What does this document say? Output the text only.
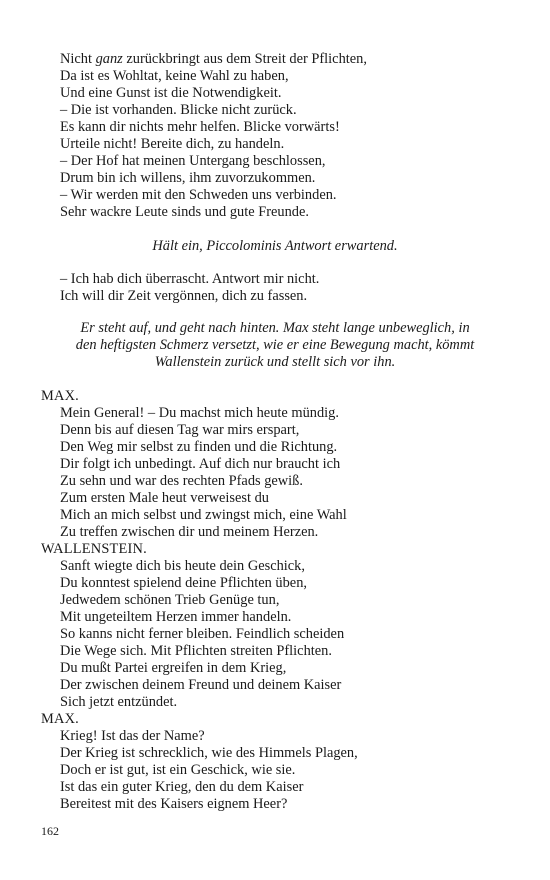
Nicht ganz zurückbringt aus dem Streit der Pflichten,
Da ist es Wohltat, keine Wahl zu haben,
Und eine Gunst ist die Notwendigkeit.
– Die ist vorhanden. Blicke nicht zurück.
Es kann dir nichts mehr helfen. Blicke vorwärts!
Urteile nicht! Bereite dich, zu handeln.
– Der Hof hat meinen Untergang beschlossen,
Drum bin ich willens, ihm zuvorzukommen.
– Wir werden mit den Schweden uns verbinden.
Sehr wackre Leute sinds und gute Freunde.
Hält ein, Piccolominis Antwort erwartend.
– Ich hab dich überrascht. Antwort mir nicht.
Ich will dir Zeit vergönnen, dich zu fassen.
Er steht auf, und geht nach hinten. Max steht lange unbeweglich, in
den heftigsten Schmerz versetzt, wie er eine Bewegung macht, kömmt
Wallenstein zurück und stellt sich vor ihn.
MAX.
Mein General! – Du machst mich heute mündig.
Denn bis auf diesen Tag war mirs erspart,
Den Weg mir selbst zu finden und die Richtung.
Dir folgt ich unbedingt. Auf dich nur braucht ich
Zu sehn und war des rechten Pfads gewiß.
Zum ersten Male heut verweisest du
Mich an mich selbst und zwingst mich, eine Wahl
Zu treffen zwischen dir und meinem Herzen.
WALLENSTEIN.
Sanft wiegte dich bis heute dein Geschick,
Du konntest spielend deine Pflichten üben,
Jedwedem schönen Trieb Genüge tun,
Mit ungeteiltem Herzen immer handeln.
So kanns nicht ferner bleiben. Feindlich scheiden
Die Wege sich. Mit Pflichten streiten Pflichten.
Du mußt Partei ergreifen in dem Krieg,
Der zwischen deinem Freund und deinem Kaiser
Sich jetzt entzündet.
MAX.
Krieg! Ist das der Name?
Der Krieg ist schrecklich, wie des Himmels Plagen,
Doch er ist gut, ist ein Geschick, wie sie.
Ist das ein guter Krieg, den du dem Kaiser
Bereitest mit des Kaisers eignem Heer?
162
